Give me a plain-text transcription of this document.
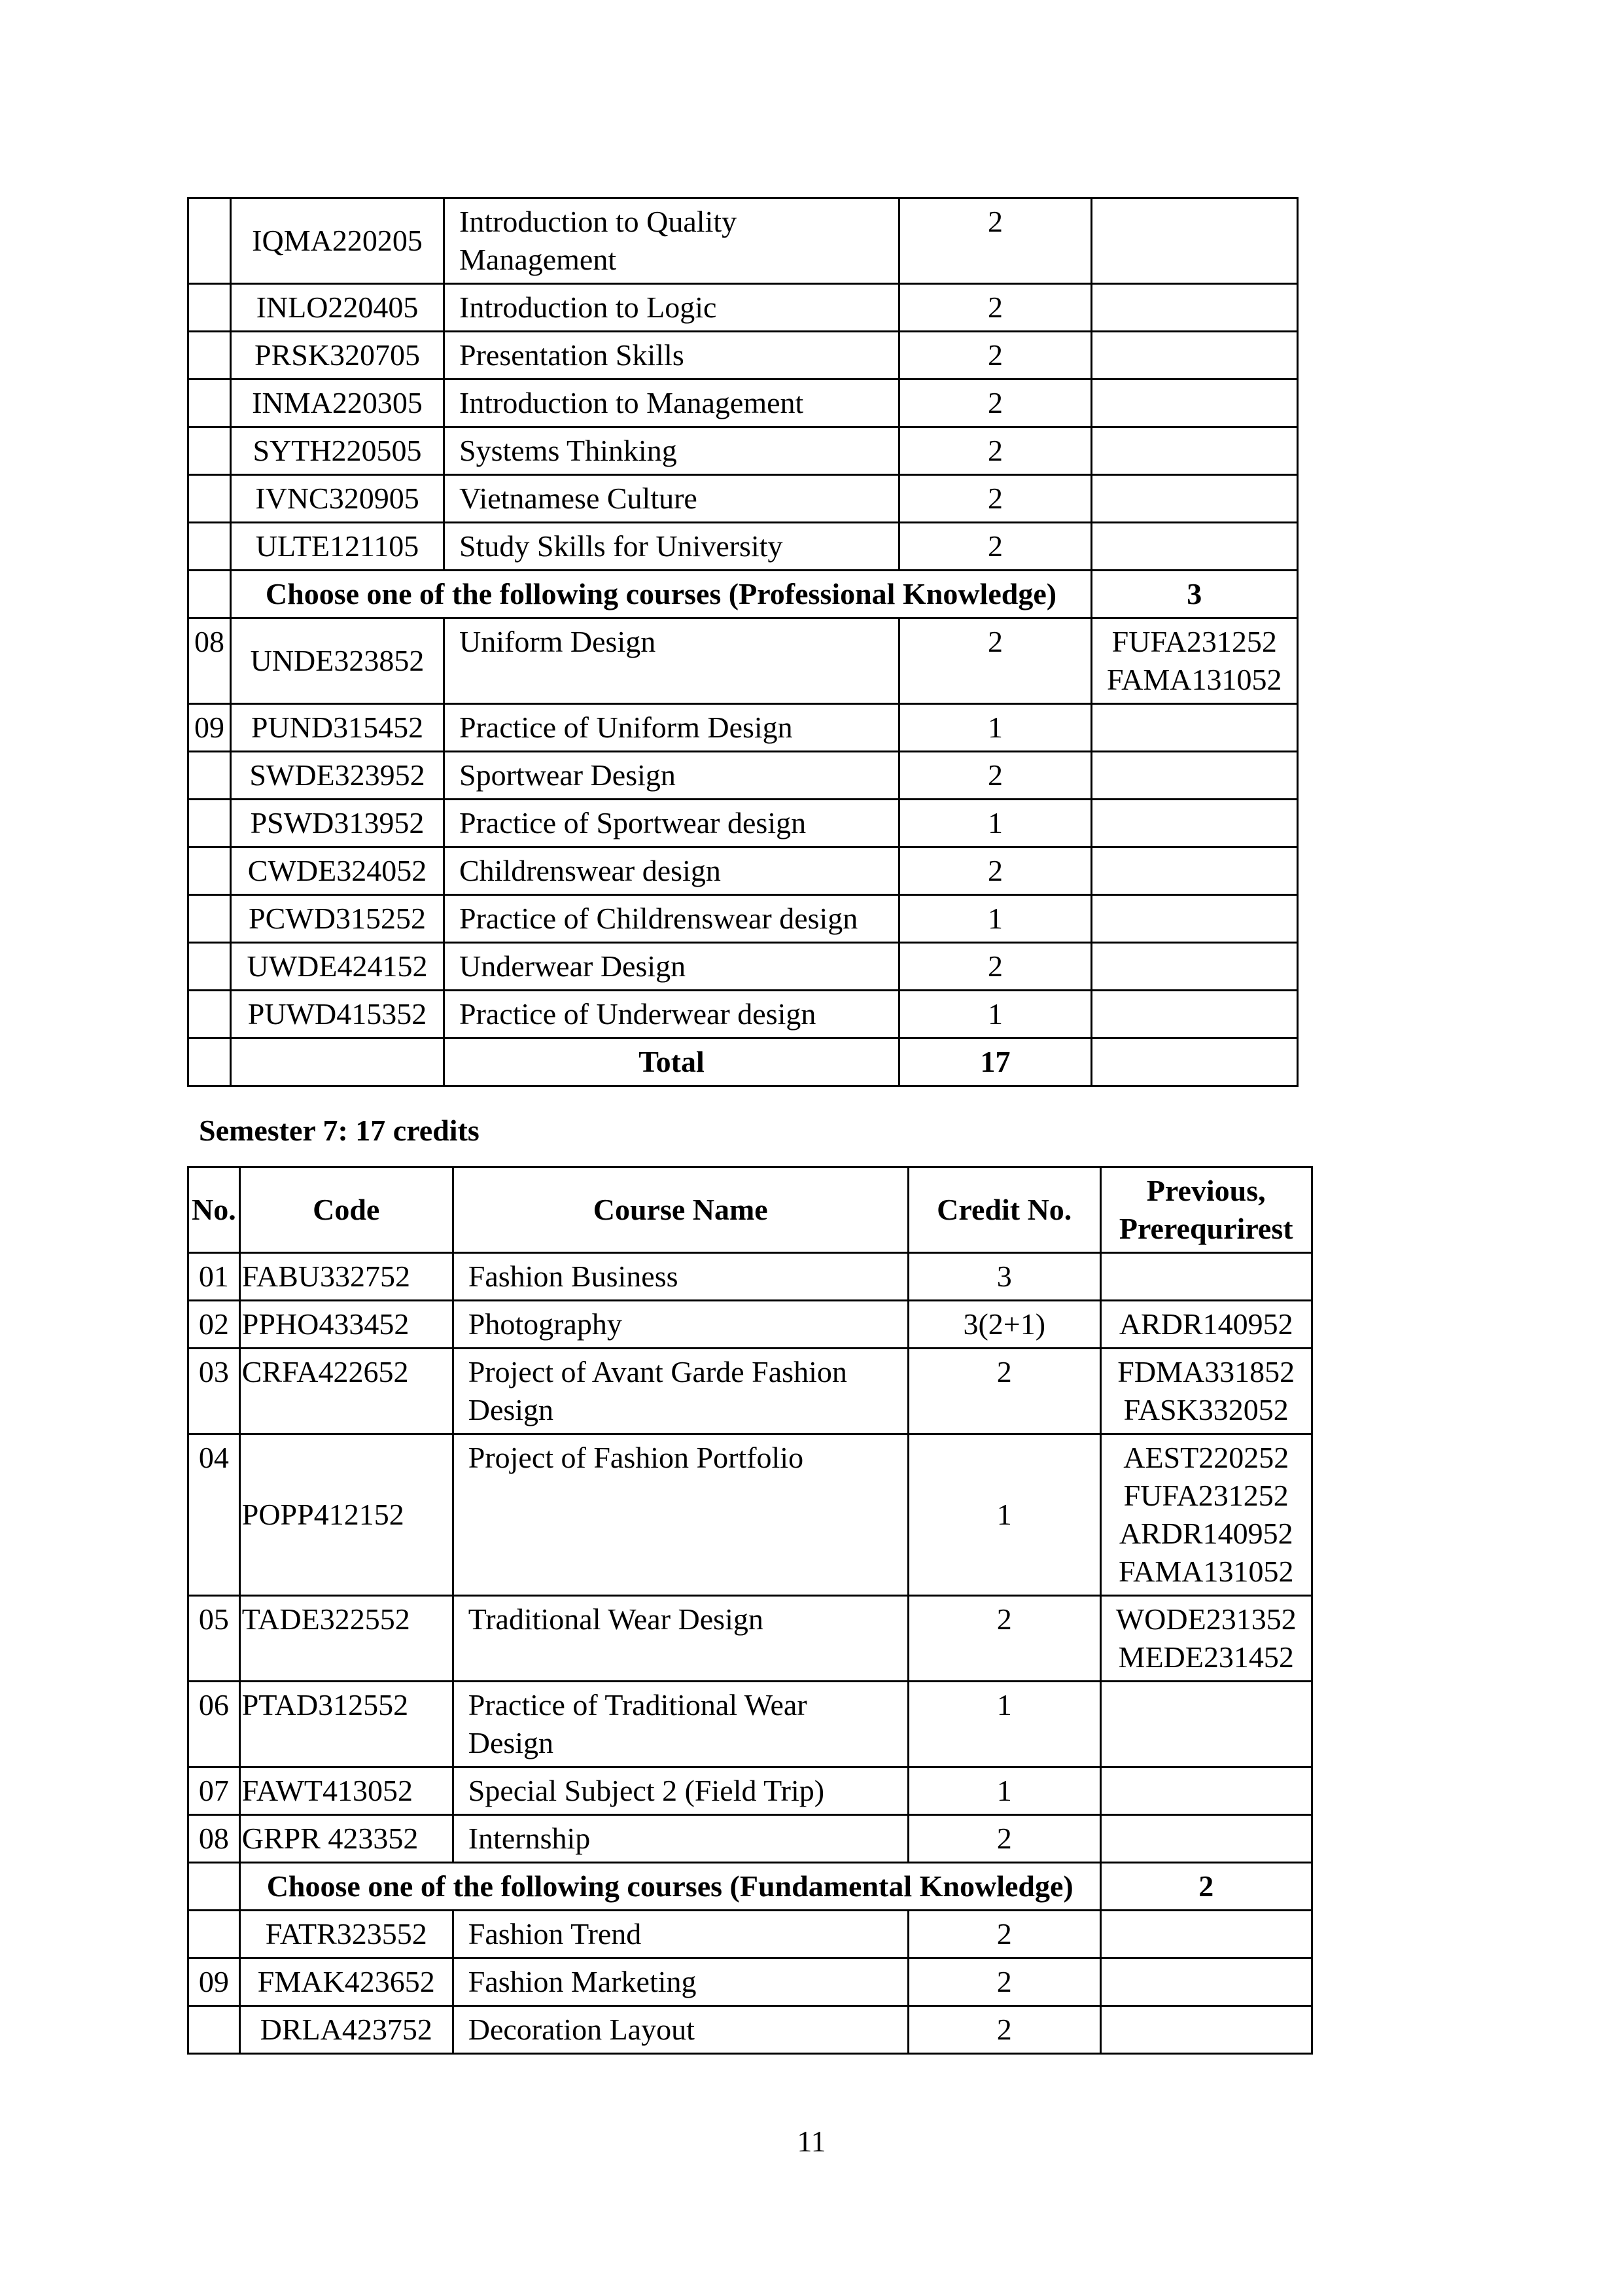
	IQMA220205	Introduction to Quality
Management	2	
	INLO220405	Introduction to Logic	2	
	PRSK320705	Presentation Skills	2	
	INMA220305	Introduction to Management	2	
	SYTH220505	Systems Thinking	2	
	IVNC320905	Vietnamese Culture	2	
	ULTE121105	Study Skills for University	2	
	Choose one of the following courses (Professional Knowledge)			3
08	UNDE323852	Uniform Design	2	FUFA231252
FAMA131052
09	PUND315452	Practice of Uniform Design	1	
	SWDE323952	Sportwear Design	2	
	PSWD313952	Practice of Sportwear design	1	
	CWDE324052	Childrenswear design	2	
	PCWD315252	Practice of Childrenswear design	1	
	UWDE424152	Underwear Design	2	
	PUWD415352	Practice of Underwear design	1	
		Total	17	
Semester 7: 17 credits
No.	Code	Course Name	Credit No.	Previous,
Prerequrirest
01	FABU332752	Fashion Business	3	
02	PPHO433452	Photography	3(2+1)	ARDR140952
03	CRFA422652	Project of Avant Garde Fashion
Design	2	FDMA331852
FASK332052
04	POPP412152	Project of Fashion Portfolio	1	AEST220252
FUFA231252
ARDR140952
FAMA131052
05	TADE322552	Traditional Wear Design	2	WODE231352
MEDE231452
06	PTAD312552	Practice of Traditional Wear
Design	1	
07	FAWT413052	Special Subject 2 (Field Trip)	1	
08	GRPR 423352	Internship	2	
	Choose one of the following courses (Fundamental Knowledge)			2
	FATR323552	Fashion Trend	2	
09	FMAK423652	Fashion Marketing	2	
	DRLA423752	Decoration Layout	2	
11
